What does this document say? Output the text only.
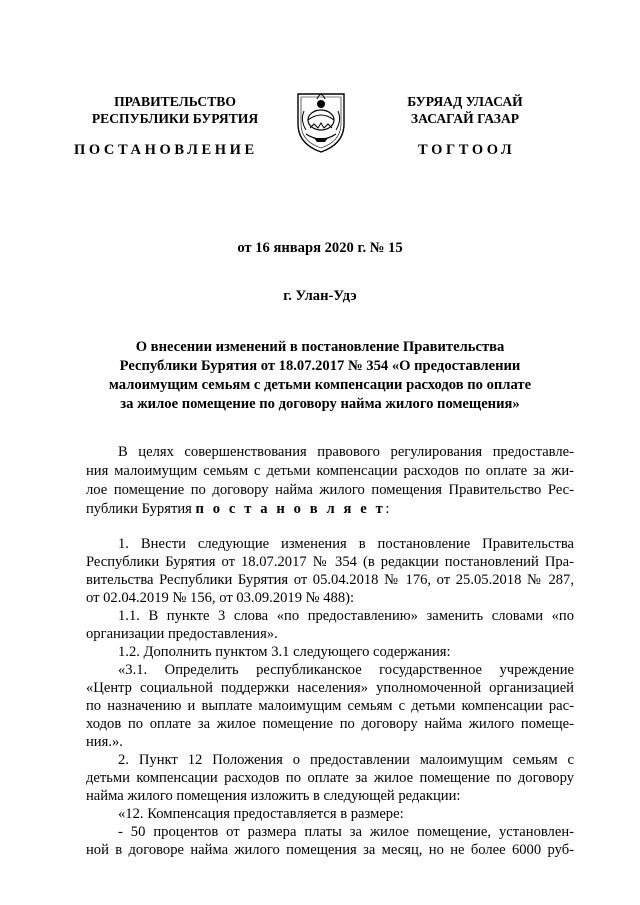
ПРАВИТЕЛЬСТВО
РЕСПУБЛИКИ БУРЯТИЯ
БУРЯАД УЛАСАЙ
ЗАСАГАЙ ГАЗАР
ПОСТАНОВЛЕНИЕ	ТОГТООЛ
от 16 января 2020 г. № 15
г. Улан-Удэ
О внесении изменений в постановление Правительства
Республики Бурятия от 18.07.2017 № 354 «О предоставлении
малоимущим семьям с детьми компенсации расходов по оплате
за жилое помещение по договору найма жилого помещения»
В целях совершенствования правового регулирования предоставле-
ния малоимущим семьям с детьми компенсации расходов по оплате за жи-
лое помещение по договору найма жилого помещения Правительство Рес-
публики Бурятия п о с т а н о в л я е т:
1. Внести следующие изменения в постановление Правительства
Республики Бурятия от 18.07.2017 № 354 (в редакции постановлений Пра-
вительства Республики Бурятия от 05.04.2018 № 176, от 25.05.2018 № 287,
от 02.04.2019 № 156, от 03.09.2019 № 488):
1.1. В пункте 3 слова «по предоставлению» заменить словами «по
организации предоставления».
1.2. Дополнить пунктом 3.1 следующего содержания:
«3.1. Определить республиканское государственное учреждение
«Центр социальной поддержки населения» уполномоченной организацией
по назначению и выплате малоимущим семьям с детьми компенсации рас-
ходов по оплате за жилое помещение по договору найма жилого помеще-
ния.».
2. Пункт 12 Положения о предоставлении малоимущим семьям с
детьми компенсации расходов по оплате за жилое помещение по договору
найма жилого помещения изложить в следующей редакции:
«12. Компенсация предоставляется в размере:
- 50 процентов от размера платы за жилое помещение, установлен-
ной в договоре найма жилого помещения за месяц, но не более 6000 руб-
